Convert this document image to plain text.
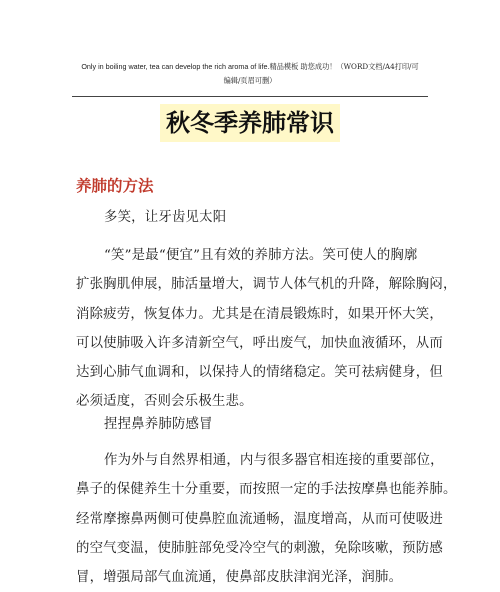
Only in boiling water, tea can develop the rich aroma of life.精品模板 助您成功！（WORD文档/A4打印/可
编辑/页眉可删）
秋冬季养肺常识
养肺的方法
多笑，让牙齿见太阳
“笑”是最“便宜”且有效的养肺方法。笑可使人的胸廓
扩张胸肌伸展，肺活量增大，调节人体气机的升降，解除胸闷，
消除疲劳，恢复体力。尤其是在清晨锻炼时，如果开怀大笑，
可以使肺吸入许多清新空气，呼出废气，加快血液循环，从而
达到心肺气血调和，以保持人的情绪稳定。笑可祛病健身，但
必须适度，否则会乐极生悲。
捏捏鼻养肺防感冒
作为外与自然界相通，内与很多器官相连接的重要部位，
鼻子的保健养生十分重要，而按照一定的手法按摩鼻也能养肺。
经常摩擦鼻两侧可使鼻腔血流通畅，温度增高，从而可使吸进
的空气变温，使肺脏部免受冷空气的刺激，免除咳嗽，预防感
冒，增强局部气血流通，使鼻部皮肤津润光泽，润肺。
